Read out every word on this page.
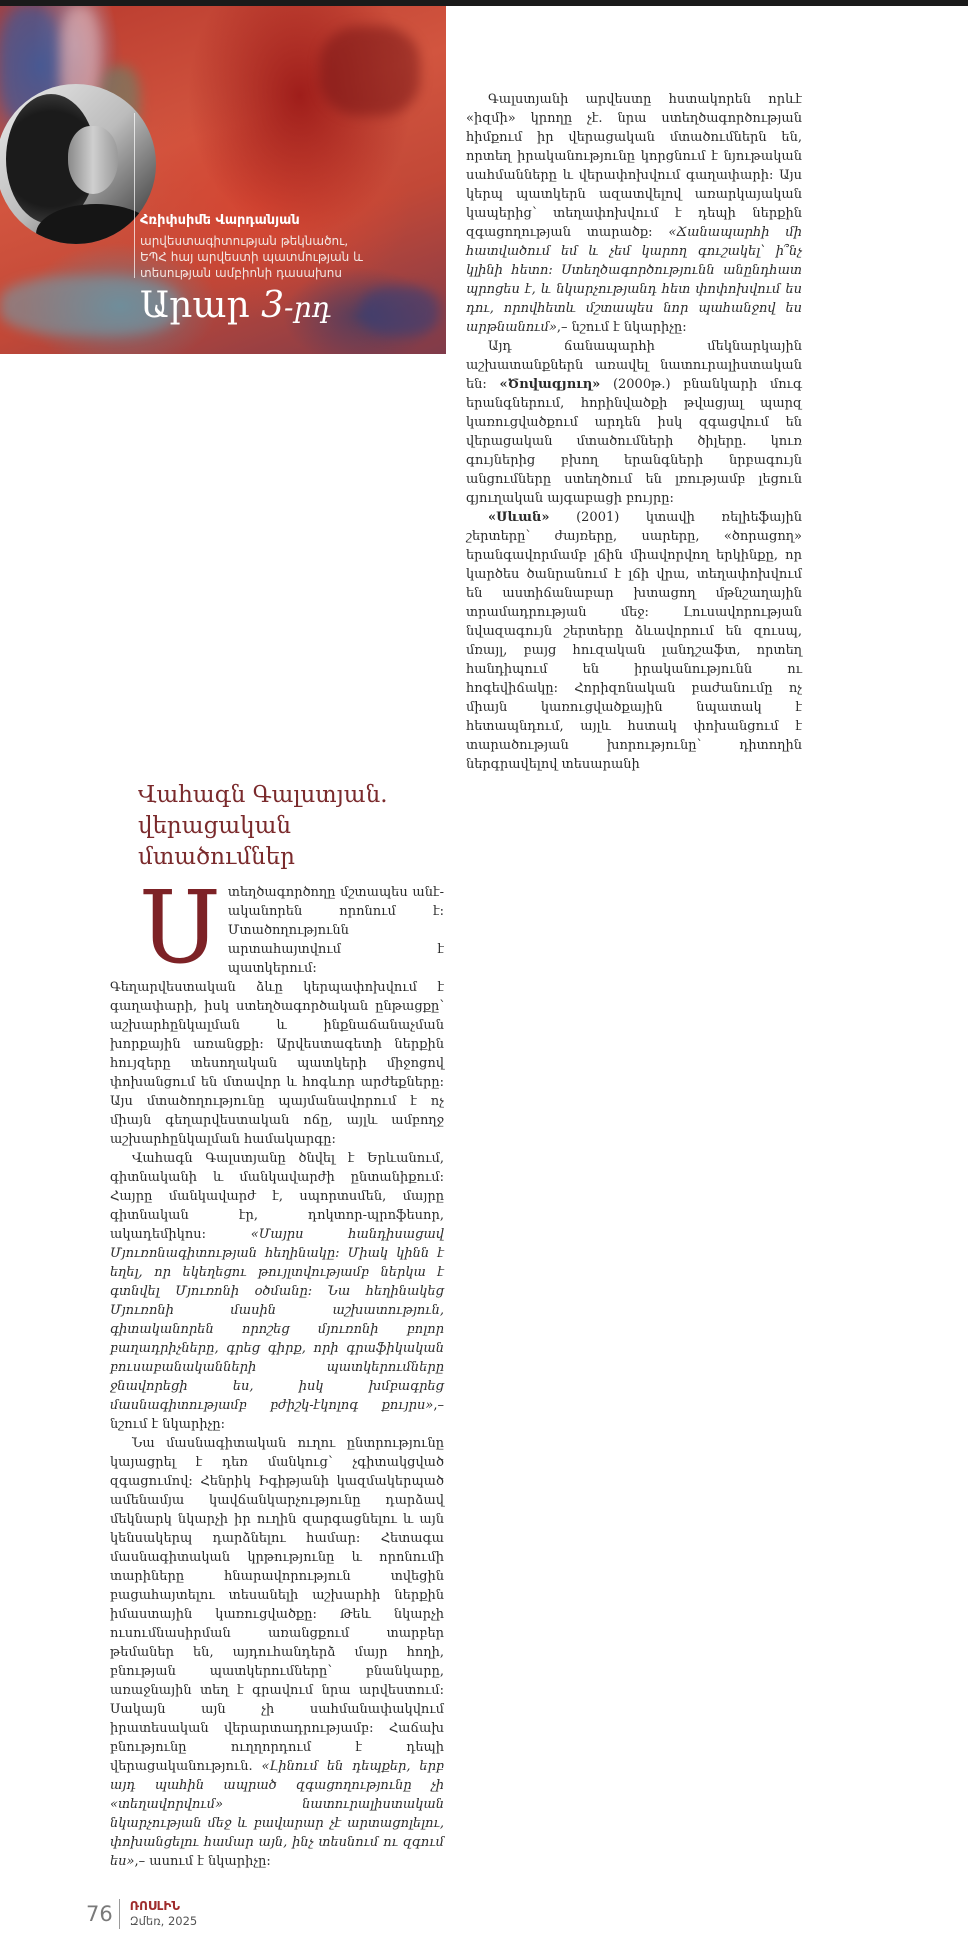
Հռիփսիմե Վարդանյան
արվեստագիտության թեկնածու,
ԵՊՀ հայ արվեստի պատմության և
տեսության ամբիոնի դասախոս
Արար 3-րդ

Գալստյանի արվեստը հստակորեն որևէ «իզմի» կրողը չէ. նրա ստեղծագործության հիմքում իր վերացական մտածումներն են, որտեղ իրականությունը կորցնում է նյութական սահմանները և վերափոխվում գաղափարի: Այս կերպ պատկերն ազատվելով առարկայական կապերից՝ տեղափոխվում է դեպի ներքին զգացողության տարածք: «Ճանապարհի մի հատվածում եմ և չեմ կարող գուշակել՝ ի՞նչ կլինի հետո: Ստեղծագործությունն անընդհատ պրոցես է, և նկարչությանդ հետ փոփոխվում ես դու, որովհետև մշտապես նոր պահանջով ես արթնանում»,– նշում է նկարիչը:

Այդ ճանապարհի մեկնարկային աշխատանքներն առավել նատուրալիստական են: «Ծովագյուղ» (2000թ.) բնանկարի մուգ երանգներում, հորինվածքի թվացյալ պարզ կառուցվածքում արդեն իսկ զգացվում են վերացական մտածումների ծիլերը. կուռ գույներից բխող երանգների նրբագույն անցումները ստեղծում են լռությամբ լեցուն գյուղական այգաբացի բույրը:

«Սևան» (2001) կտավի ռելիեֆային շերտերը՝ ժայռերը, սարերը, «ծորացող» երանգավորմամբ լճին միավորվող երկինքը, որ կարծես ծանրանում է լճի վրա, տեղափոխվում են աստիճանաբար խտացող մթնշաղային տրամադրության մեջ: Լուսավորության նվազագույն շերտերը ձևավորում են զուսպ, մռայլ, բայց հուզական լանդշաֆտ, որտեղ հանդիպում են իրականությունն ու հոգեվիճակը: Հորիզոնական բաժանումը ոչ միայն կառուցվածքային նպատակ է հետապնդում, այլև հստակ փոխանցում է տարածության խորությունը՝ դիտողին ներգրավելով տեսարանի

Վահագն Գալստյան.
վերացական մտածումներ

Ստեղծագործողը մշտապես անէ-ականորեն որոնում է: Մտածողությունն արտահայտվում է պատկերում: Գեղարվեստական ձևը կերպափոխվում է գաղափարի, իսկ ստեղծագործական ընթացքը՝ աշխարհընկալման և ինքնաճանաչման խորքային առանցքի: Արվեստագետի ներքին հույզերը տեսողական պատկերի միջոցով փոխանցում են մտավոր և հոգևոր արժեքները: Այս մտածողությունը պայմանավորում է ոչ միայն գեղարվեստական ոճը, այլև ամբողջ աշխարհընկալման համակարգը:

Վահագն Գալստյանը ծնվել է Երևանում, գիտնականի և մանկավարժի ընտանիքում: Հայրը մանկավարժ է, սպորտսմեն, մայրը գիտնական էր, դոկտոր-պրոֆեսոր, ակադեմիկոս: «Մայրս հանդիսացավ Մյուռոնագիտության հեղինակը: Միակ կինն է եղել, որ եկեղեցու թույլտվությամբ ներկա է գտնվել Մյուռոնի օծմանը: Նա հեղինակեց Մյուռոնի մասին աշխատություն, գիտականորեն որոշեց մյուռոնի բոլոր բաղադրիչները, գրեց գիրք, որի գրաֆիկական բուսաբանականների պատկերումները ջնավորեցի ես, իսկ խմբագրեց մասնագիտությամբ բժիշկ-էկոլոգ քույրս»,– նշում է նկարիչը:

Նա մասնագիտական ուղու ընտրությունը կայացրել է դեռ մանկուց՝ չգիտակցված զգացումով: Հենրիկ Իգիթյանի կազմակերպած ամենամյա կավճանկարչությունը դարձավ մեկնարկ նկարչի իր ուղին զարգացնելու և այն կենսակերպ դարձնելու համար: Հետագա մասնագիտական կրթությունը և որոնումի տարիները հնարավորություն տվեցին բացահայտելու տեսանելի աշխարհի ներքին իմաստային կառուցվածքը: Թեև նկարչի ուսումնասիրման առանցքում տարբեր թեմաներ են, այդուհանդերձ մայր հողի, բնության պատկերումները՝ բնանկարը, առաջնային տեղ է գրավում նրա արվեստում: Սակայն այն չի սահմանափակվում իրատեսական վերարտադրությամբ: Հաճախ բնությունը ուղղորդում է դեպի վերացականություն. «Լինում են դեպքեր, երբ այդ պահին ապրած զգացողությունը չի «տեղավորվում» նատուրալիստական նկարչության մեջ և բավարար չէ արտացոլելու, փոխանցելու համար այն, ինչ տեսնում ու զգում ես»,– ասում է նկարիչը:

76 ՌՈՍԼԻՆ
Զմեռ, 2025
